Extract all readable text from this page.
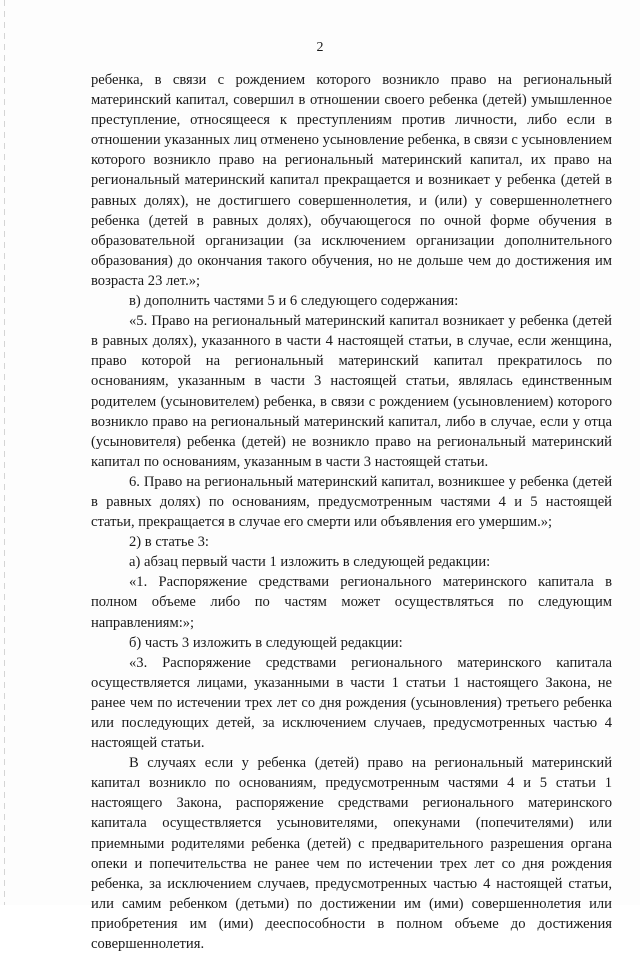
2

ребенка, в связи с рождением которого возникло право на региональный материнский капитал, совершил в отношении своего ребенка (детей) умышленное преступление, относящееся к преступлениям против личности, либо если в отношении указанных лиц отменено усыновление ребенка, в связи с усыновлением которого возникло право на региональный материнский капитал, их право на региональный материнский капитал прекращается и возникает у ребенка (детей в равных долях), не достигшего совершеннолетия, и (или) у совершеннолетнего ребенка (детей в равных долях), обучающегося по очной форме обучения в образовательной организации (за исключением организации дополнительного образования) до окончания такого обучения, но не дольше чем до достижения им возраста 23 лет.»;

в) дополнить частями 5 и 6 следующего содержания:

«5. Право на региональный материнский капитал возникает у ребенка (детей в равных долях), указанного в части 4 настоящей статьи, в случае, если женщина, право которой на региональный материнский капитал прекратилось по основаниям, указанным в части 3 настоящей статьи, являлась единственным родителем (усыновителем) ребенка, в связи с рождением (усыновлением) которого возникло право на региональный материнский капитал, либо в случае, если у отца (усыновителя) ребенка (детей) не возникло право на региональный материнский капитал по основаниям, указанным в части 3 настоящей статьи.

6. Право на региональный материнский капитал, возникшее у ребенка (детей в равных долях) по основаниям, предусмотренным частями 4 и 5 настоящей статьи, прекращается в случае его смерти или объявления его умершим.»;

2) в статье 3:

а) абзац первый части 1 изложить в следующей редакции:

«1. Распоряжение средствами регионального материнского капитала в полном объеме либо по частям может осуществляться по следующим направлениям:»;

б) часть 3 изложить в следующей редакции:

«3. Распоряжение средствами регионального материнского капитала осуществляется лицами, указанными в части 1 статьи 1 настоящего Закона, не ранее чем по истечении трех лет со дня рождения (усыновления) третьего ребенка или последующих детей, за исключением случаев, предусмотренных частью 4 настоящей статьи.

В случаях если у ребенка (детей) право на региональный материнский капитал возникло по основаниям, предусмотренным частями 4 и 5 статьи 1 настоящего Закона, распоряжение средствами регионального материнского капитала осуществляется усыновителями, опекунами (попечителями) или приемными родителями ребенка (детей) с предварительного разрешения органа опеки и попечительства не ранее чем по истечении трех лет со дня рождения ребенка, за исключением случаев, предусмотренных частью 4 настоящей статьи, или самим ребенком (детьми) по достижении им (ими) совершеннолетия или приобретения им (ими) дееспособности в полном объеме до достижения совершеннолетия.
